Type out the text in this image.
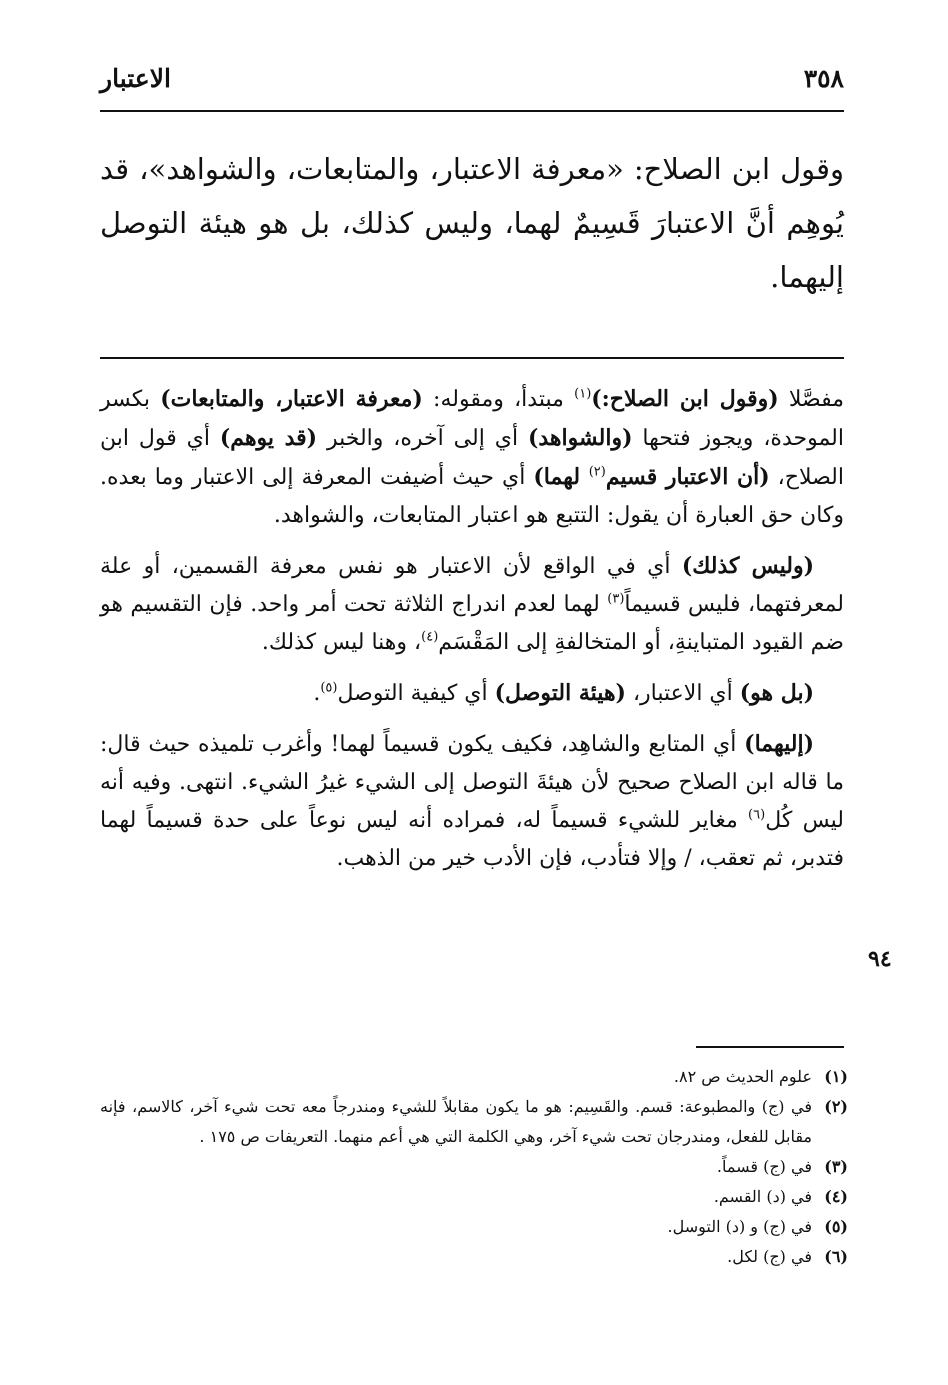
٣٥٨
الاعتبار

وقول ابن الصلاح: «معرفة الاعتبار، والمتابعات، والشواهد»، قد يُوهِم أنَّ الاعتبارَ قَسِيمٌ لهما، وليس كذلك، بل هو هيئة التوصل إليهما.

مفصَّلا (وقول ابن الصلاح:)$^{(١)}$ مبتدأ، ومقوله: (معرفة الاعتبار، والمتابعات) بكسر الموحدة، ويجوز فتحها (والشواهد) أي إلى آخره، والخبر (قد يوهم) أي قول ابن الصلاح، (أن الاعتبار قسيم$^{(٢)}$ لهما) أي حيث أضيفت المعرفة إلى الاعتبار وما بعده. وكان حق العبارة أن يقول: التتبع هو اعتبار المتابعات، والشواهد.

(وليس كذلك) أي في الواقع لأن الاعتبار هو نفس معرفة القسمين، أو علة لمعرفتهما، فليس قسيماً$^{(٣)}$ لهما لعدم اندراج الثلاثة تحت أمر واحد. فإن التقسيم هو ضم القيود المتباينةِ، أو المتخالفةِ إلى المَقْسَم$^{(٤)}$، وهنا ليس كذلك.

(بل هو) أي الاعتبار، (هيئة التوصل) أي كيفية التوصل$^{(٥)}$.

(إليهما) أي المتابع والشاهِد، فكيف يكون قسيماً لهما! وأغرب تلميذه حيث قال: ما قاله ابن الصلاح صحيح لأن هيئةَ التوصل إلى الشيء غيرُ الشيء. انتهى. وفيه أنه ليس كُل$^{(٦)}$ مغاير للشيء قسيماً له، فمراده أنه ليس نوعاً على حدة قسيماً لهما فتدبر، ثم تعقب، / وإلا فتأدب، فإن الأدب خير من الذهب.

٩٤
(١)
علوم الحديث ص ٨٢.
(٢)
في (ج) والمطبوعة: قسم. والقَسِيم: هو ما يكون مقابلاً للشيء ومندرجاً معه تحت شيء آخر، كالاسم، فإنه مقابل للفعل، ومندرجان تحت شيء آخر، وهي الكلمة التي هي أعم منهما. التعريفات ص ١٧٥ .
(٣)
في (ج) قسماً.
(٤)
في (د) القسم.
(٥)
في (ج) و (د) التوسل.
(٦)
في (ج) لكل.
